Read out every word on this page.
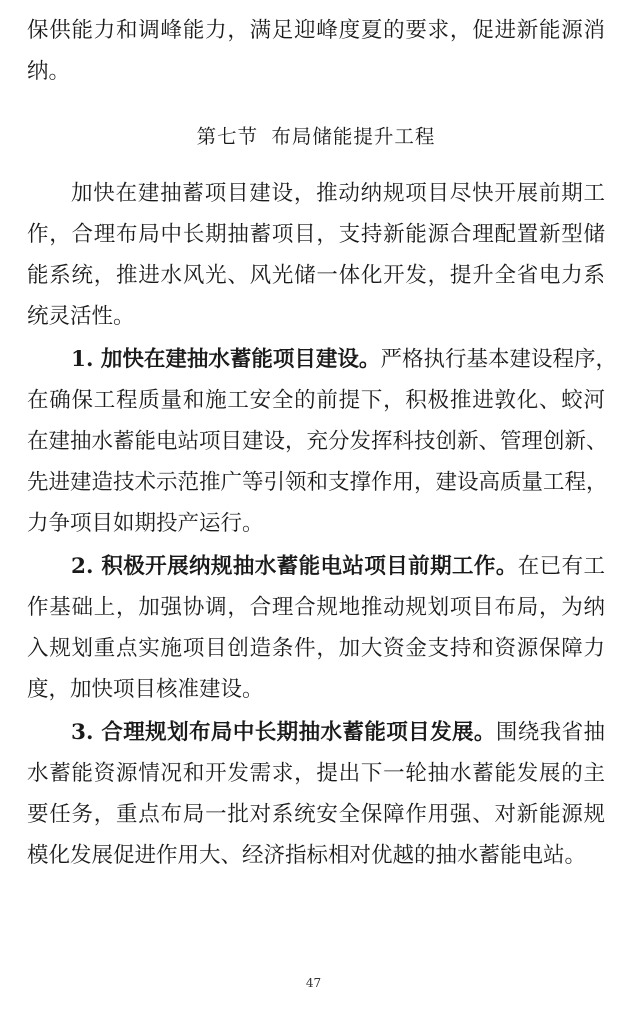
保供能力和调峰能力，满足迎峰度夏的要求，促进新能源消
纳。
第七节 布局储能提升工程
加快在建抽蓄项目建设，推动纳规项目尽快开展前期工
作，合理布局中长期抽蓄项目，支持新能源合理配置新型储
能系统，推进水风光、风光储一体化开发，提升全省电力系
统灵活性。
1. 加快在建抽水蓄能项目建设。严格执行基本建设程序，
在确保工程质量和施工安全的前提下，积极推进敦化、蛟河
在建抽水蓄能电站项目建设，充分发挥科技创新、管理创新、
先进建造技术示范推广等引领和支撑作用，建设高质量工程，
力争项目如期投产运行。
2. 积极开展纳规抽水蓄能电站项目前期工作。在已有工
作基础上，加强协调，合理合规地推动规划项目布局，为纳
入规划重点实施项目创造条件，加大资金支持和资源保障力
度，加快项目核准建设。
3. 合理规划布局中长期抽水蓄能项目发展。围绕我省抽
水蓄能资源情况和开发需求，提出下一轮抽水蓄能发展的主
要任务，重点布局一批对系统安全保障作用强、对新能源规
模化发展促进作用大、经济指标相对优越的抽水蓄能电站。
47
